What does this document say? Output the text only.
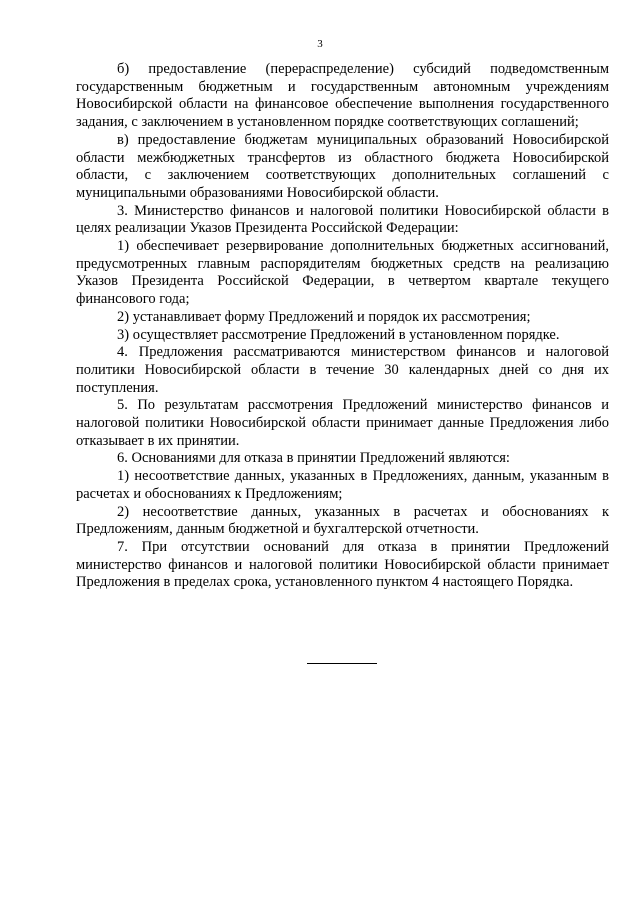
3

б) предоставление (перераспределение) субсидий подведомственным государственным бюджетным и государственным автономным учреждениям Новосибирской области на финансовое обеспечение выполнения государственного задания, с заключением в установленном порядке соответствующих соглашений;

в) предоставление бюджетам муниципальных образований Новосибирской области межбюджетных трансфертов из областного бюджета Новосибирской области, с заключением соответствующих дополнительных соглашений с муниципальными образованиями Новосибирской области.

3. Министерство финансов и налоговой политики Новосибирской области в целях реализации Указов Президента Российской Федерации:

1) обеспечивает резервирование дополнительных бюджетных ассигнований, предусмотренных главным распорядителям бюджетных средств на реализацию Указов Президента Российской Федерации, в четвертом квартале текущего финансового года;

2) устанавливает форму Предложений и порядок их рассмотрения;

3) осуществляет рассмотрение Предложений в установленном порядке.

4. Предложения рассматриваются министерством финансов и налоговой политики Новосибирской области в течение 30 календарных дней со дня их поступления.

5. По результатам рассмотрения Предложений министерство финансов и налоговой политики Новосибирской области принимает данные Предложения либо отказывает в их принятии.

6. Основаниями для отказа в принятии Предложений являются:

1) несоответствие данных, указанных в Предложениях, данным, указанным в расчетах и обоснованиях к Предложениям;

2) несоответствие данных, указанных в расчетах и обоснованиях к Предложениям, данным бюджетной и бухгалтерской отчетности.

7. При отсутствии оснований для отказа в принятии Предложений министерство финансов и налоговой политики Новосибирской области принимает Предложения в пределах срока, установленного пунктом 4 настоящего Порядка.
